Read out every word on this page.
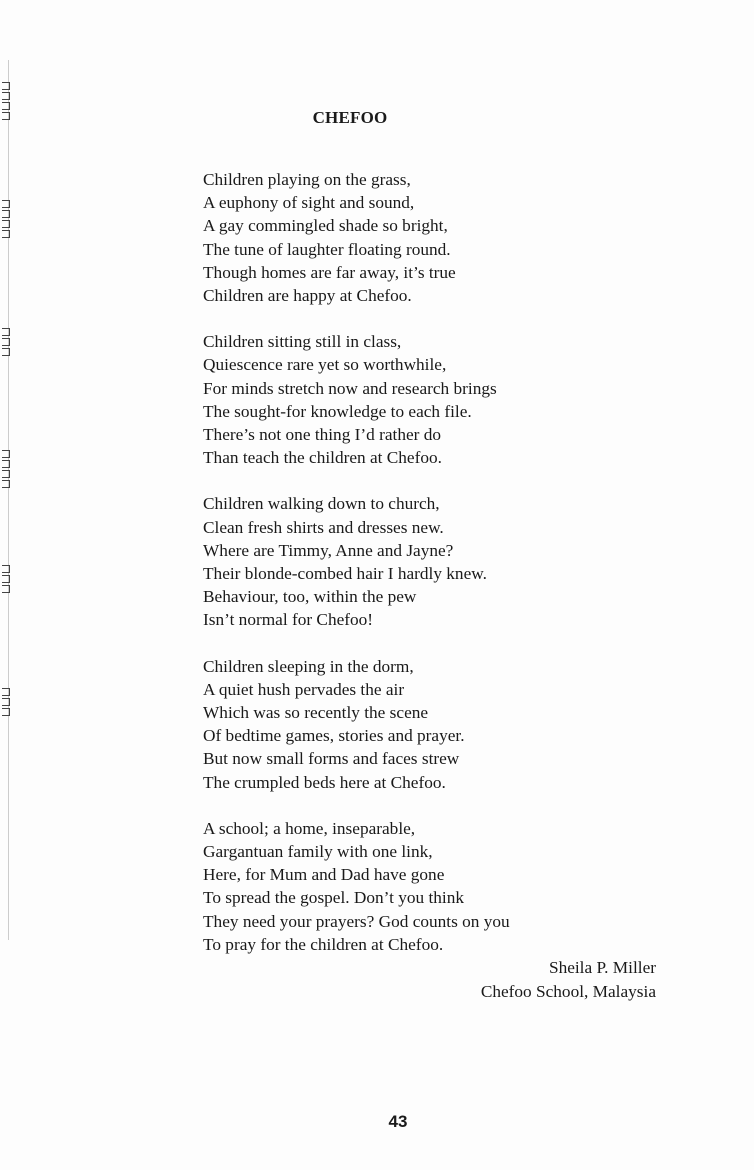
CHEFOO
Children playing on the grass,
A euphony of sight and sound,
A gay commingled shade so bright,
The tune of laughter floating round.
Though homes are far away, it’s true
Children are happy at Chefoo.
Children sitting still in class,
Quiescence rare yet so worthwhile,
For minds stretch now and research brings
The sought-for knowledge to each file.
There’s not one thing I’d rather do
Than teach the children at Chefoo.
Children walking down to church,
Clean fresh shirts and dresses new.
Where are Timmy, Anne and Jayne?
Their blonde-combed hair I hardly knew.
Behaviour, too, within the pew
Isn’t normal for Chefoo!
Children sleeping in the dorm,
A quiet hush pervades the air
Which was so recently the scene
Of bedtime games, stories and prayer.
But now small forms and faces strew
The crumpled beds here at Chefoo.
A school; a home, inseparable,
Gargantuan family with one link,
Here, for Mum and Dad have gone
To spread the gospel. Don’t you think
They need your prayers? God counts on you
To pray for the children at Chefoo.
Sheila P. Miller
Chefoo School, Malaysia
43
